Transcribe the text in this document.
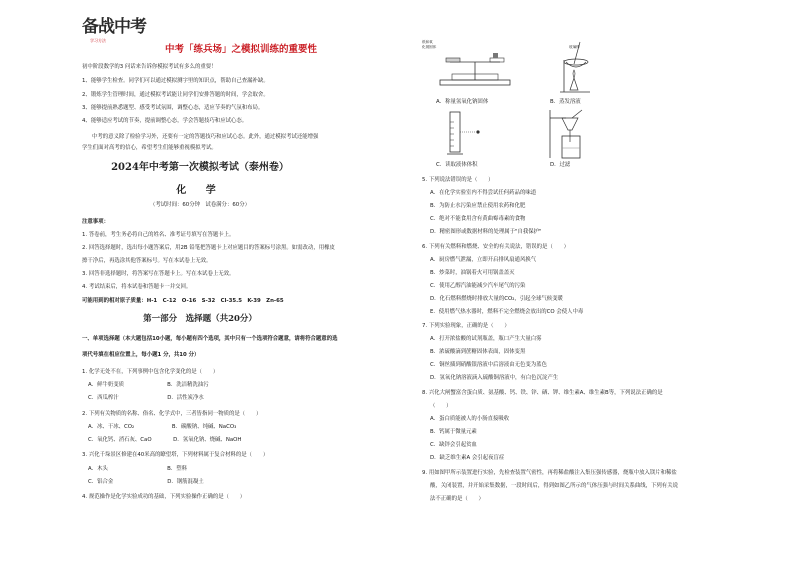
备战中考
学习方法
中考「练兵场」之模拟训练的重要性
初中阶段数学的3 问话来告诉你模拟考试有多么的重要！
1、能够学生检查。同学们可以通过模拟测字里的知识点，帮助自己查漏补缺。
2、锻炼学生管理时间，通过模拟考试能让同学们安排答题的时间，学会取舍。
3、能够提前熟悉题型、感受考试氛围，调整心态，适应节奏的气氛和布局。
4、能够适应考试的节奏，提前调整心态，学会答题技巧和应试心态。
中考的意义除了检验学习外，还要有一定的答题技巧和应试心态。此外，通过模拟考试还能增强
学生们面对高考的信心，希望考生们能够重视模拟考试。
2024年中考第一次模拟考试（泰州卷）
化 学
（考试时间：60分钟　试卷满分：60分）
注意事项：
1. 答卷前，考生务必将自己的姓名、准考证号填写在答题卡上。
2. 回答选择题时，选出每小题答案后，用2B 铅笔把答题卡上对应题目的答案标号涂黑。如需改动，用橡皮
擦干净后，再选涂其他答案标号。写在本试卷上无效。
3. 回答非选择题时，将答案写在答题卡上。写在本试卷上无效。
4. 考试结束后，将本试卷和答题卡一并交回。
可能用到的相对原子质量：H-1　C-12　O-16　S-32　Cl-35.5　K-39　Zn-65
第一部分　选择题（共20分）
一、单项选择题（本大题包括10小题，每小题有四个选项，其中只有一个选项符合题意，请将符合题意的选
项代号填在相应位置上，每小题1 分，共10 分）
1. 化学无处不在，下列事例中包含化学变化的是（　　）
A．鲜牛奶变质　　　　　　　　B．洗洁精洗油污
C．西瓜榨汁　　　　　　　　　D．活性炭净水
2. 下列有关物质的名称、俗名、化学式中，三者皆指同一物质的是（　　）
A．冰、干冰、CO₂　　　　　　　B．碳酸钠、纯碱、NaCO₃
C．氧化钙、消石灰、CaO　　　　D．氢氧化钠、烧碱、NaOH
3. 兴化千垛景区修建在40米高的瞭望塔，下列材料属于复合材料的是（　　）
A．木头　　　　　　　　　　　B．塑料
C．铝合金　　　　　　　　　　D．钢筋混凝土
4. 规范操作是化学实验成功的基础，下列实验操作正确的是（　　）
纸和氧
化钠固体
A．称量氢氧化钠固体
玻璃棒
B．蒸发溶液
C．读取液体体积	D．过滤
5. 下列说法错误的是（　　）
A．在化学实验室内不得尝试任何药品的味道
B．为防止水污染应禁止使用农药和化肥
C．绝对不能食用含有黄曲霉毒素的食物
D．精密图形或数据材料的处理属于"自我保护"
6. 下列有关燃料和燃烧、安全的有关说法，错误的是（　　）
A．厨房燃气泄漏，立即开启排风扇通风换气
B．炒菜时，油锅着火可用锅盖盖灭
C．使用乙醇汽油能减少汽车尾气的污染
D．化石燃料燃烧时排放大量的CO₂，引起全球气候变暖
E．使用燃气热水器时，燃料不完全燃烧会放出的CO 会使人中毒
7. 下列实验现象，正确的是（　　）
A．打开浓盐酸的试剂瓶盖，瓶口产生大量白雾
B．浓硫酸滴到蔗糖固体表面，固体变黑
C．铜丝插到硝酸银溶液中后溶液由无色变为蓝色
D．氢氧化钠溶液滴入硫酸铜溶液中，有白色沉淀产生
8. 兴化大闸蟹富含蛋白质、氨基酸、钙、铁、锌、硒、钾、维生素A、维生素B等，下列说法正确的是
（　　）
A．蛋白质能被人的小肠直接吸收
B．钙属于微量元素
C．缺锌会引起贫血
D．缺乏维生素A 会引起夜盲症
9. 用如图甲所示装置进行实验，先检查装置气密性，再将稀盐酸注入集压强传感器，烧瓶中放入镁片和稀盐
酸，关闭装置，并开始采集数据，一段时间后，得到如图乙所示的气体压强与时间关系曲线，下列有关说
法不正确的是（　　）
